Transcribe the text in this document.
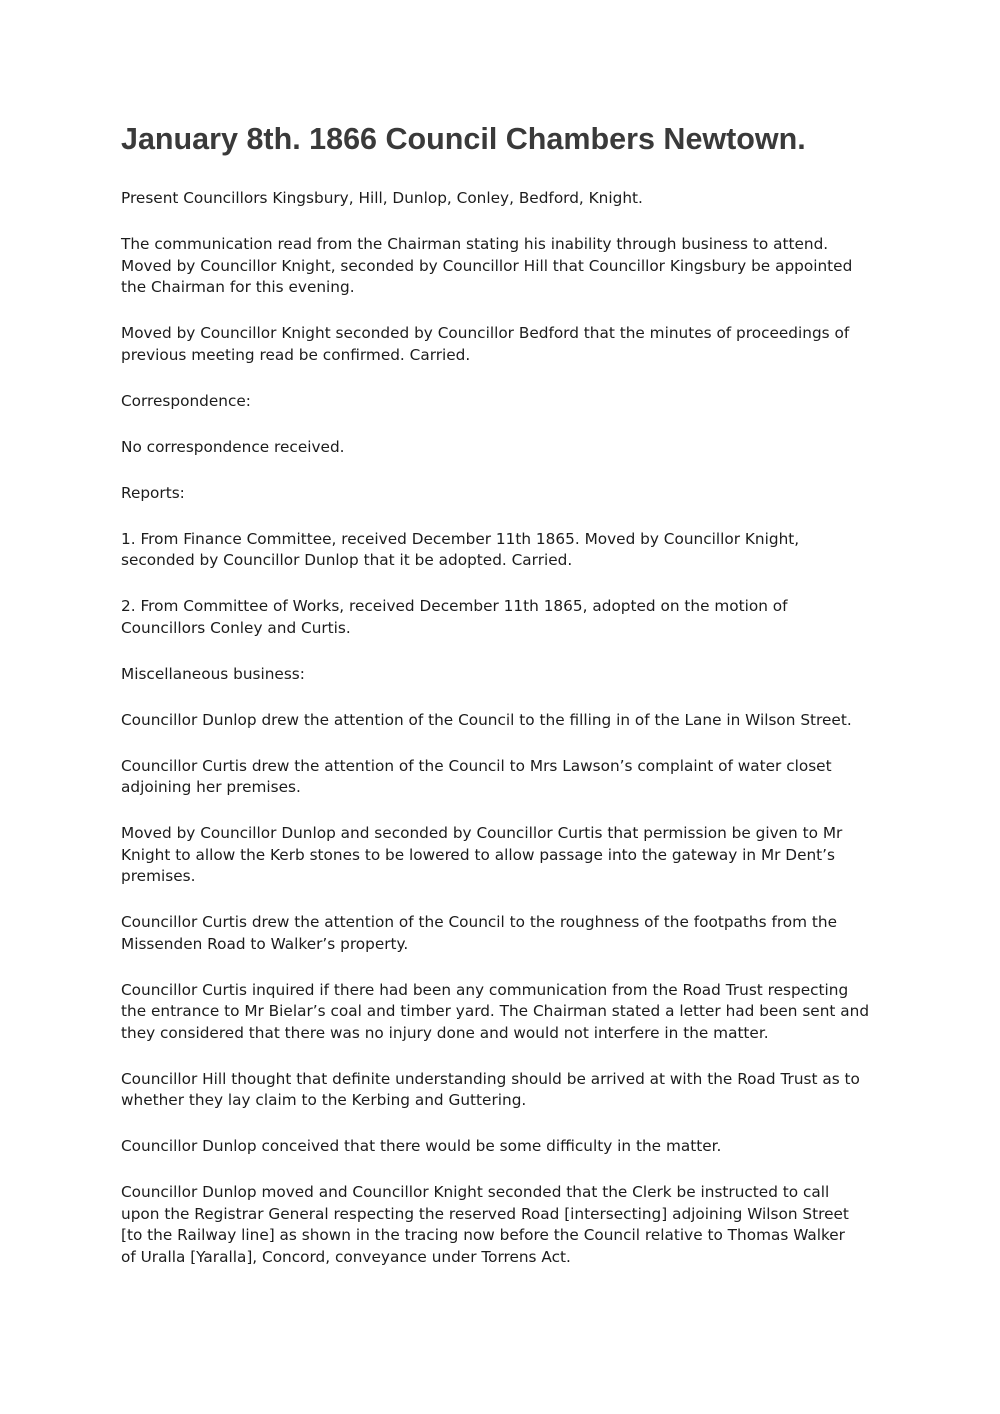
January 8th. 1866 Council Chambers Newtown.

Present Councillors Kingsbury, Hill, Dunlop, Conley, Bedford, Knight.

The communication read from the Chairman stating his inability through business to attend.
Moved by Councillor Knight, seconded by Councillor Hill that Councillor Kingsbury be appointed
the Chairman for this evening.

Moved by Councillor Knight seconded by Councillor Bedford that the minutes of proceedings of
previous meeting read be confirmed. Carried.

Correspondence:

No correspondence received.

Reports:

1. From Finance Committee, received December 11th 1865. Moved by Councillor Knight,
seconded by Councillor Dunlop that it be adopted. Carried.

2. From Committee of Works, received December 11th 1865, adopted on the motion of
Councillors Conley and Curtis.

Miscellaneous business:

Councillor Dunlop drew the attention of the Council to the filling in of the Lane in Wilson Street.

Councillor Curtis drew the attention of the Council to Mrs Lawson’s complaint of water closet
adjoining her premises.

Moved by Councillor Dunlop and seconded by Councillor Curtis that permission be given to Mr
Knight to allow the Kerb stones to be lowered to allow passage into the gateway in Mr Dent’s
premises.

Councillor Curtis drew the attention of the Council to the roughness of the footpaths from the
Missenden Road to Walker’s property.

Councillor Curtis inquired if there had been any communication from the Road Trust respecting
the entrance to Mr Bielar’s coal and timber yard. The Chairman stated a letter had been sent and
they considered that there was no injury done and would not interfere in the matter.

Councillor Hill thought that definite understanding should be arrived at with the Road Trust as to
whether they lay claim to the Kerbing and Guttering.

Councillor Dunlop conceived that there would be some difficulty in the matter.

Councillor Dunlop moved and Councillor Knight seconded that the Clerk be instructed to call
upon the Registrar General respecting the reserved Road [intersecting] adjoining Wilson Street
[to the Railway line] as shown in the tracing now before the Council relative to Thomas Walker
of Uralla [Yaralla], Concord, conveyance under Torrens Act.
